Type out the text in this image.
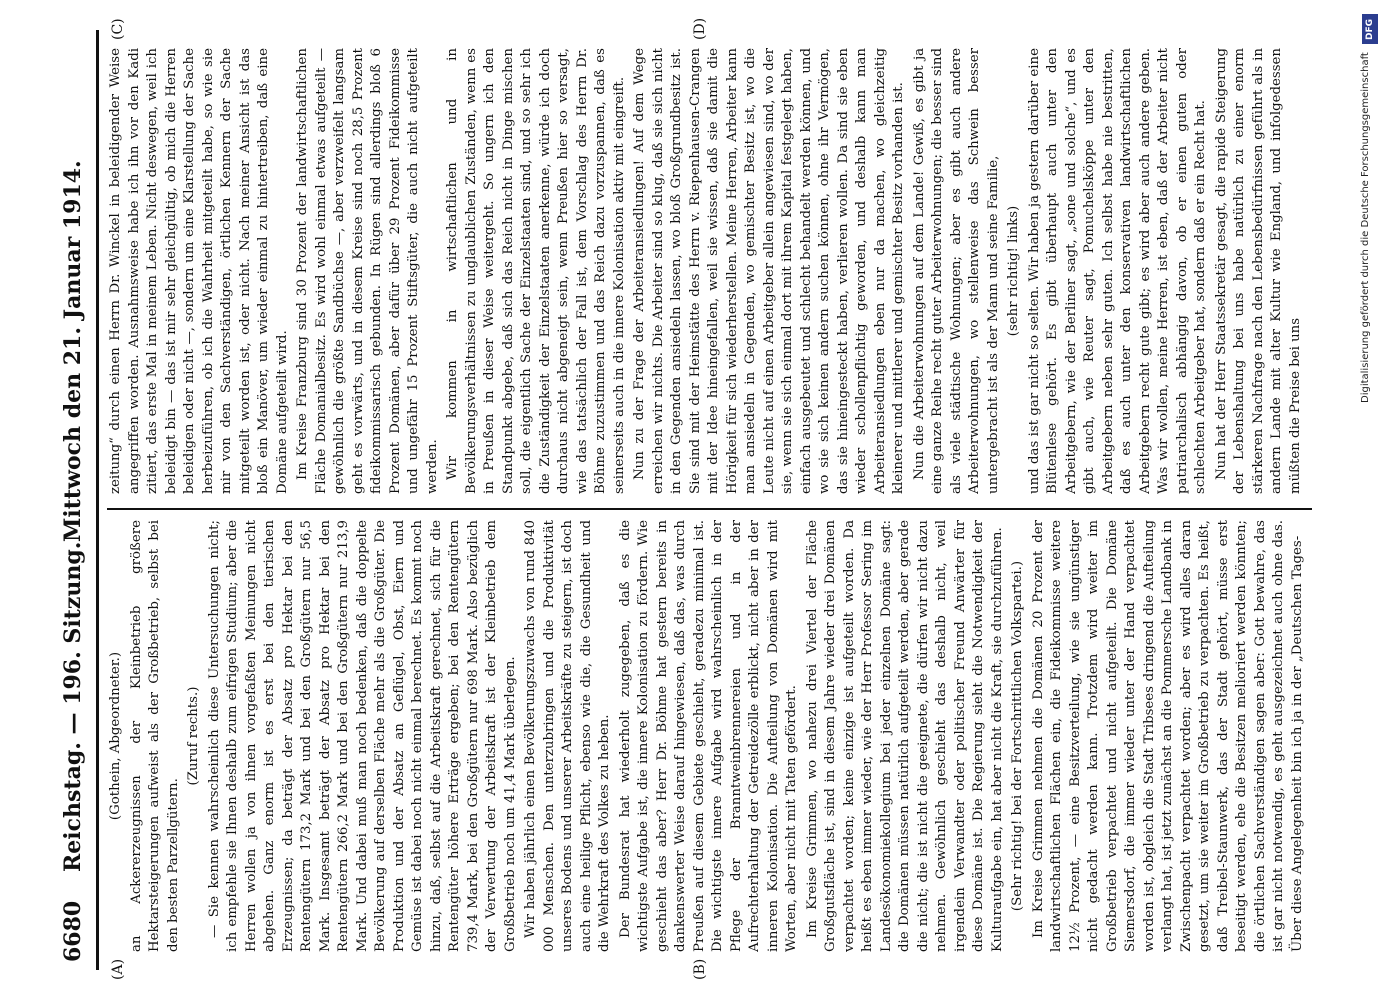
6680
Reichstag. — 196. Sitzung.
Mittwoch den 21. Januar 1914.
(A)	(B)
(C)	(D)

(Gothein, Abgeordneter.) an Ackererzeugnissen der Kleinbetrieb größere Hektarsteigerungen aufweist als der Großbetrieb, selbst bei den besten Parzellgütern.

(Zuruf rechts.) — Sie kennen wahrscheinlich diese Untersuchungen nicht; ich empfehle sie Ihnen deshalb zum eifrigen Studium; aber die Herren wollen ja von ihnen vorgefaßten Meinungen nicht abgehen. Ganz enorm ist es erst bei den tierischen Erzeugnissen; da beträgt der Absatz pro Hektar bei den Rentengütern 173,2 Mark und bei den Großgütern nur 56,5 Mark. Insgesamt beträgt der Absatz pro Hektar bei den Rentengütern 266,2 Mark und bei den Großgütern nur 213,9 Mark. Und dabei muß man noch bedenken, daß die doppelte Bevölkerung auf derselben Fläche mehr als die Großgüter. Die Produktion und der Absatz an Geflügel, Obst, Eiern und Gemüse ist dabei noch nicht einmal berechnet. Es kommt noch hinzu, daß, selbst auf die Arbeitskraft gerechnet, sich für die Rentengüter höhere Erträge ergeben; bei den Rentengütern 739,4 Mark, bei den Großgütern nur 698 Mark. Also bezüglich der Verwertung der Arbeitskraft ist der Kleinbetrieb dem Großbetrieb noch um 41,4 Mark überlegen. Wir haben jährlich einen Bevölkerungszuwachs von rund 840 000 Menschen. Den unterzubringen und die Produktivität unseres Bodens und unserer Arbeitskräfte zu steigern, ist doch auch eine heilige Pflicht, ebenso wie die, die Gesundheit und die Wehrkraft des Volkes zu heben. Der Bundesrat hat wiederholt zugegeben, daß es die wichtigste Aufgabe ist, die innere Kolonisation zu fördern. Wie geschieht das aber? Herr Dr. Böhme hat gestern bereits in dankenswerter Weise darauf hingewiesen, daß das, was durch Preußen auf diesem Gebiete geschieht, geradezu minimal ist. Die wichtigste innere Aufgabe wird wahrscheinlich in der Pflege der Branntweinbrennereien und in der Aufrechterhaltung der Getreidezölle erblickt, nicht aber in der inneren Kolonisation. Die Aufteilung von Domänen wird mit Worten, aber nicht mit Taten gefördert. Im Kreise Grimmen, wo nahezu drei Viertel der Fläche Großgutsfläche ist, sind in diesem Jahre wieder drei Domänen verpachtet worden; keine einzige ist aufgeteilt worden. Da heißt es eben immer wieder, wie der Herr Professor Sering im Landesökonomiekollegium bei jeder einzelnen Domäne sagt: die Domänen müssen natürlich aufgeteilt werden, aber gerade die nicht; die ist nicht die geeignete, die dürfen wir nicht dazu nehmen. Gewöhnlich geschieht das deshalb nicht, weil irgendein Verwandter oder politischer Freund Anwärter für diese Domäne ist. Die Regierung sieht die Notwendigkeit der Kulturaufgabe ein, hat aber nicht die Kraft, sie durchzuführen. (Sehr richtig! bei der Fortschrittlichen Volkspartei.) Im Kreise Grimmen nehmen die Domänen 20 Prozent der landwirtschaftlichen Flächen ein, die Fideikommisse weitere 12½ Prozent, — eine Besitzverteilung, wie sie ungünstiger nicht gedacht werden kann. Trotzdem wird weiter im Großbetrieb verpachtet und nicht aufgeteilt. Die Domäne Siemersdorf, die immer wieder unter der Hand verpachtet worden ist, obgleich die Stadt Tribsees dringend die Aufteilung verlangt hat, ist jetzt zunächst an die Pommersche Landbank in Zwischenpacht verpachtet worden; aber es wird alles daran gesetzt, um sie weiter im Großbetrieb zu verpachten. Es heißt, daß Treibel-Staunwerk, das der Stadt gehört, müsse erst beseitigt werden, ehe die Besitzen melioriert werden könnten; die örtlichen Sachverständigen sagen aber: Gott bewahre, das ist gar nicht notwendig, es geht ausgezeichnet auch ohne das. Über diese Angelegenheit bin ich ja in der „Deutschen Tages-

zeitung“ durch einen Herrn Dr. Winckel in beleidigender Weise angegriffen worden. Ausnahmsweise habe ich ihn vor den Kadi zitiert, das erste Mal in meinem Leben. Nicht deswegen, weil ich beleidigt bin — das ist mir sehr gleichgültig, ob mich die Herren beleidigen oder nicht —, sondern um eine Klarstellung der Sache herbeizuführen, ob ich die Wahrheit mitgeteilt habe, so wie sie mir von den Sachverständigen, örtlichen Kennern der Sache mitgeteilt worden ist, oder nicht. Nach meiner Ansicht ist das bloß ein Manöver, um wieder einmal zu hintertreiben, daß eine Domäne aufgeteilt wird. Im Kreise Franzburg sind 30 Prozent der landwirtschaftlichen Fläche Domanialbesitz. Es wird wohl einmal etwas aufgeteilt — gewöhnlich die größte Sandbüchse —, aber verzweifelt langsam geht es vorwärts, und in diesem Kreise sind noch 28,5 Prozent fideikommissarisch gebunden. In Rügen sind allerdings bloß 6 Prozent Domänen, aber dafür über 29 Prozent Fideikommisse und ungefähr 15 Prozent Stiftsgüter, die auch nicht aufgeteilt werden. Wir kommen in wirtschaftlichen und in Bevölkerungsverhältnissen zu unglaublichen Zuständen, wenn es in Preußen in dieser Weise weitergeht. So ungern ich den Standpunkt abgebe, daß sich das Reich nicht in Dinge mischen soll, die eigentlich Sache der Einzelstaaten sind, und so sehr ich die Zuständigkeit der Einzelstaaten anerkenne, würde ich doch durchaus nicht abgeneigt sein, wenn Preußen hier so versagt, wie das tatsächlich der Fall ist, dem Vorschlag des Herrn Dr. Böhme zuzustimmen und das Reich dazu vorzuspannen, daß es seinerseits auch in die innere Kolonisation aktiv mit eingreift. Nun zu der Frage der Arbeiteransiedlungen! Auf dem Wege erreichen wir nichts. Die Arbeiter sind so klug, daß sie sich nicht in den Gegenden ansiedeln lassen, wo bloß Großgrundbesitz ist. Sie sind mit der Heimstätte des Herrn v. Riepenhausen-Crangen mit der Idee hineingefallen, weil sie wissen, daß sie damit die Hörigkeit für sich wiederherstellen. Meine Herren, Arbeiter kann man ansiedeln in Gegenden, wo gemischter Besitz ist, wo die Leute nicht auf einen Arbeitgeber allein angewiesen sind, wo der sie, wenn sie sich einmal dort mit ihrem Kapital festgelegt haben, einfach ausgebeutet und schlecht behandelt werden können, und wo sie sich keinen andern suchen können, ohne ihr Vermögen, das sie hineingesteckt haben, verlieren wollen. Da sind sie eben wieder schollenpflichtig geworden, und deshalb kann man Arbeiteransiedlungen eben nur da machen, wo gleichzeitig kleinerer und mittlerer und gemischter Besitz vorhanden ist. Nun die Arbeiterwohnungen auf dem Lande! Gewiß, es gibt ja eine ganze Reihe recht guter Arbeiterwohnungen; die besser sind als viele städtische Wohnungen; aber es gibt auch andere Arbeiterwohnungen, wo stellenweise das Schwein besser untergebracht ist als der Mann und seine Familie, (sehr richtig! links) und das ist gar nicht so selten. Wir haben ja gestern darüber eine Blütenlese gehört. Es gibt überhaupt auch unter den Arbeitgebern, wie der Berliner sagt, „sone und solche“, und es gibt auch, wie Reuter sagt, Pomuchelsköppe unter den Arbeitgebern neben sehr guten. Ich selbst habe nie bestritten, daß es auch unter den konservativen landwirtschaftlichen Arbeitgebern recht gute gibt; es wird aber auch andere geben. Was wir wollen, meine Herren, ist eben, daß der Arbeiter nicht patriarchalisch abhängig davon, ob er einen guten oder schlechten Arbeitgeber hat, sondern daß er ein Recht hat. Nun hat der Herr Staatssekretär gesagt, die rapide Steigerung der Lebenshaltung bei uns habe natürlich zu einer enorm stärkeren Nachfrage nach den Lebensbedürfnissen geführt als in andern Lande mit alter Kultur wie England, und infolgedessen müßten die Preise bei uns

DFG
Digitalisierung gefördert durch die Deutsche Forschungsgemeinschaft
